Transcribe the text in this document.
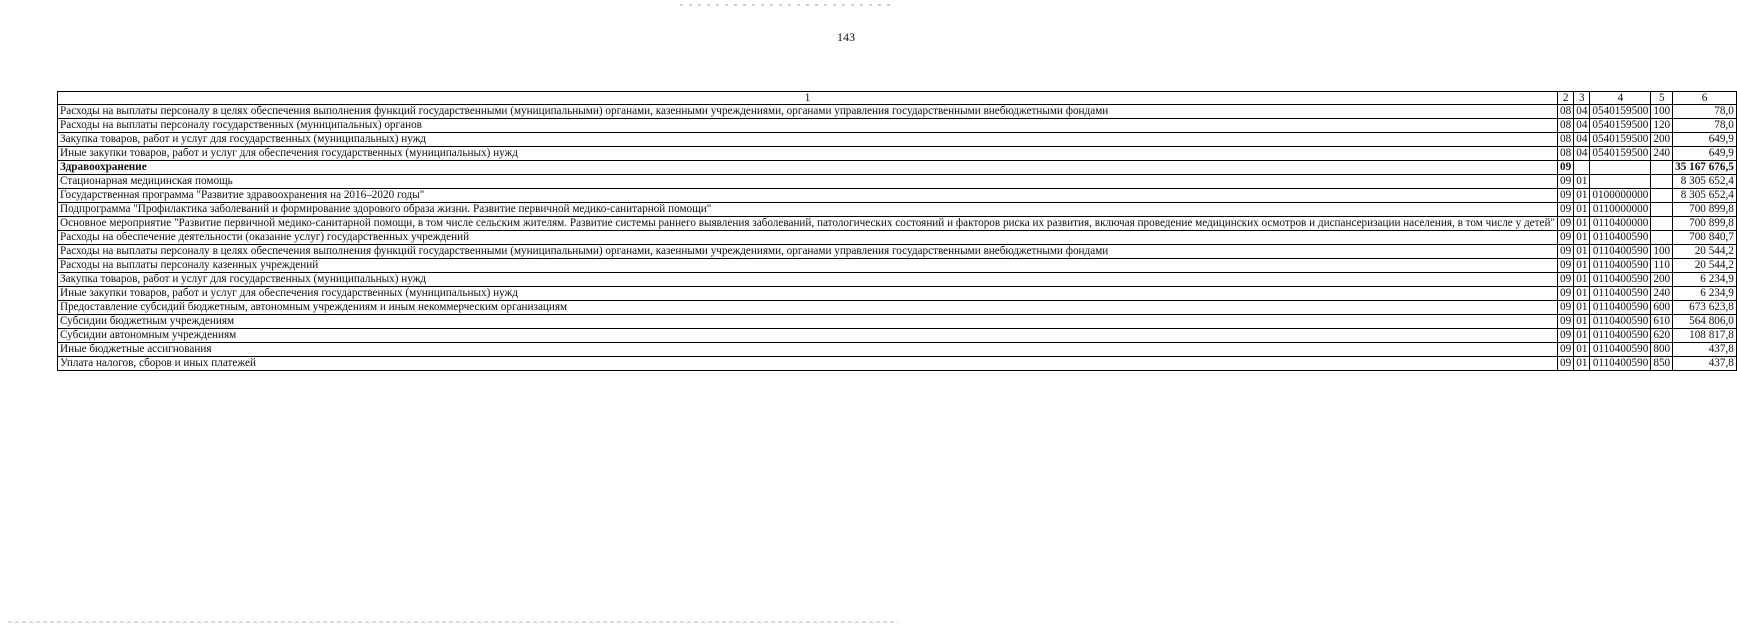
143
1	2	3	4	5	6
Расходы на выплаты персоналу в целях обеспечения выполнения функций государственными (муниципальными) органами, казенными учреждениями, органами управления государственными внебюджетными фондами	08	04	0540159500	100	78,0
Расходы на выплаты персоналу государственных (муниципальных) органов	08	04	0540159500	120	78,0
Закупка товаров, работ и услуг для государственных (муниципальных) нужд	08	04	0540159500	200	649,9
Иные закупки товаров, работ и услуг для обеспечения государственных (муниципальных) нужд	08	04	0540159500	240	649,9
Здравоохранение	09				35 167 676,5
Стационарная медицинская помощь	09	01			8 305 652,4
Государственная программа "Развитие здравоохранения на 2016–2020 годы"	09	01	0100000000		8 305 652,4
Подпрограмма "Профилактика заболеваний и формирование здорового образа жизни. Развитие первичной медико-санитарной помощи"	09	01	0110000000		700 899,8
Основное мероприятие "Развитие первичной медико-санитарной помощи, в том числе сельским жителям. Развитие системы раннего выявления заболеваний, патологических состояний и факторов риска их развития, включая проведение медицинских осмотров и диспансеризации населения, в том числе у детей"	09	01	0110400000		700 899,8
Расходы на обеспечение деятельности (оказание услуг) государственных учреждений	09	01	0110400590		700 840,7
Расходы на выплаты персоналу в целях обеспечения выполнения функций государственными (муниципальными) органами, казенными учреждениями, органами управления государственными внебюджетными фондами	09	01	0110400590	100	20 544,2
Расходы на выплаты персоналу казенных учреждений	09	01	0110400590	110	20 544,2
Закупка товаров, работ и услуг для государственных (муниципальных) нужд	09	01	0110400590	200	6 234,9
Иные закупки товаров, работ и услуг для обеспечения государственных (муниципальных) нужд	09	01	0110400590	240	6 234,9
Предоставление субсидий бюджетным, автономным учреждениям и иным некоммерческим организациям	09	01	0110400590	600	673 623,8
Субсидии бюджетным учреждениям	09	01	0110400590	610	564 806,0
Субсидии автономным учреждениям	09	01	0110400590	620	108 817,8
Иные бюджетные ассигнования	09	01	0110400590	800	437,8
Уплата налогов, сборов и иных платежей	09	01	0110400590	850	437,8
